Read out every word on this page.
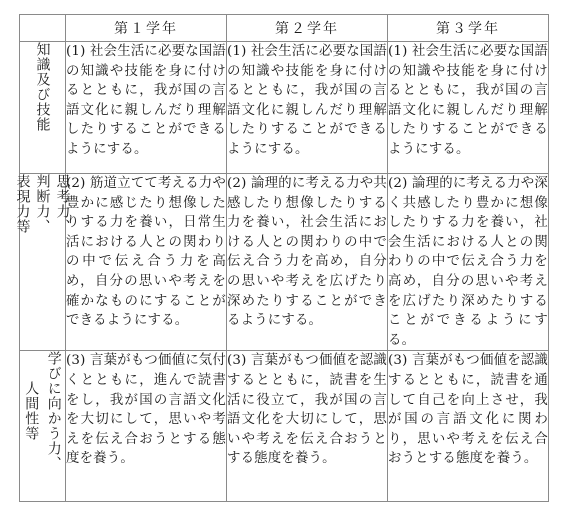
	第１学年	第２学年	第３学年

知識及び技能	(1) 社会生活に必要な国語の知識や技能を身に付けるとともに，我が国の言語文化に親しんだり理解したりすることができるようにする。	(1) 社会生活に必要な国語の知識や技能を身に付けるとともに，我が国の言語文化に親しんだり理解したりすることができるようにする。	(1) 社会生活に必要な国語の知識や技能を身に付けるとともに，我が国の言語文化に親しんだり理解したりすることができるようにする。

思考力、
判断力、
表現力等	(2) 筋道立てて考える力や豊かに感じたり想像したりする力を養い，日常生活における人との関わりの中で伝え合う力を高め，自分の思いや考えを確かなものにすることができるようにする。	(2) 論理的に考える力や共感したり想像したりする力を養い，社会生活における人との関わりの中で伝え合う力を高め，自分の思いや考えを広げたり深めたりすることができるようにする。	(2) 論理的に考える力や深く共感したり豊かに想像したりする力を養い，社会生活における人との関わりの中で伝え合う力を高め，自分の思いや考えを広げたり深めたりすることができるようにする。

学びに向かう力、
人間性等	(3) 言葉がもつ価値に気付くとともに，進んで読書をし，我が国の言語文化を大切にして，思いや考えを伝え合おうとする態度を養う。	(3) 言葉がもつ価値を認識するとともに，読書を生活に役立て，我が国の言語文化を大切にして，思いや考えを伝え合おうとする態度を養う。	(3) 言葉がもつ価値を認識するとともに，読書を通して自己を向上させ，我が国の言語文化に関わり，思いや考えを伝え合おうとする態度を養う。
